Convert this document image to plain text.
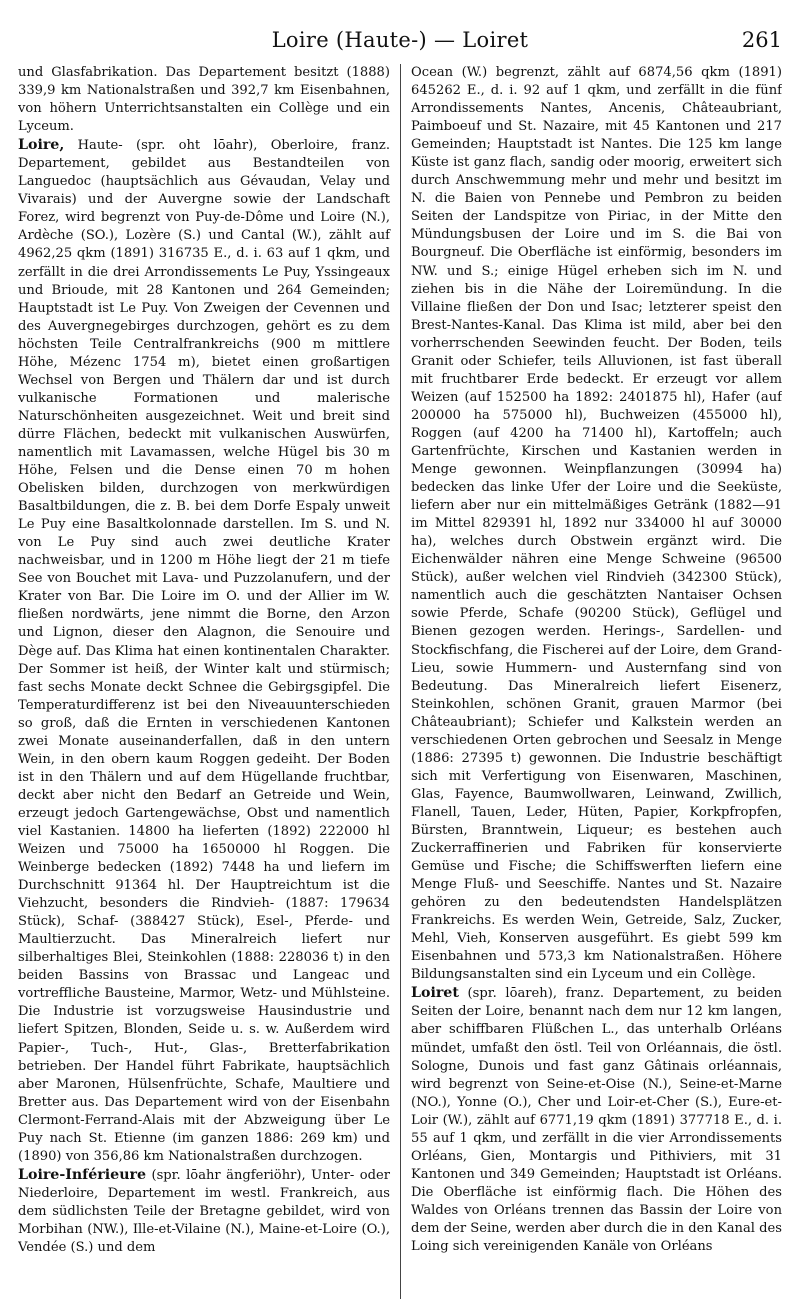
Loire (Haute-) — Loiret	261

und Glasfabrikation. Das Departement besitzt (1888) 339,9 km Nationalstraßen und 392,7 km Eisenbahnen, von höhern Unterrichtsanstalten ein Collège und ein Lyceum.

Loire, Haute- (spr. oht lōahr), Oberloire, franz. Departement, gebildet aus Bestandteilen von Languedoc (hauptsächlich aus Gévaudan, Velay und Vivarais) und der Auvergne sowie der Landschaft Forez, wird begrenzt von Puy-de-Dôme und Loire (N.), Ardèche (SO.), Lozère (S.) und Cantal (W.), zählt auf 4962,25 qkm (1891) 316735 E., d. i. 63 auf 1 qkm, und zerfällt in die drei Arrondissements Le Puy, Yssingeaux und Brioude, mit 28 Kantonen und 264 Gemeinden; Hauptstadt ist Le Puy. Von Zweigen der Cevennen und des Auvergnegebirges durchzogen, gehört es zu dem höchsten Teile Centralfrankreichs (900 m mittlere Höhe, Mézenc 1754 m), bietet einen großartigen Wechsel von Bergen und Thälern dar und ist durch vulkanische Formationen und malerische Naturschönheiten ausgezeichnet. Weit und breit sind dürre Flächen, bedeckt mit vulkanischen Auswürfen, namentlich mit Lavamassen, welche Hügel bis 30 m Höhe, Felsen und die Dense einen 70 m hohen Obelisken bilden, durchzogen von merkwürdigen Basaltbildungen, die z. B. bei dem Dorfe Espaly unweit Le Puy eine Basaltkolonnade darstellen. Im S. und N. von Le Puy sind auch zwei deutliche Krater nachweisbar, und in 1200 m Höhe liegt der 21 m tiefe See von Bouchet mit Lava- und Puzzolanufern, und der Krater von Bar. Die Loire im O. und der Allier im W. fließen nordwärts, jene nimmt die Borne, den Arzon und Lignon, dieser den Alagnon, die Senouire und Dège auf. Das Klima hat einen kontinentalen Charakter. Der Sommer ist heiß, der Winter kalt und stürmisch; fast sechs Monate deckt Schnee die Gebirgsgipfel. Die Temperaturdifferenz ist bei den Niveauunterschieden so groß, daß die Ernten in verschiedenen Kantonen zwei Monate auseinanderfallen, daß in den untern Wein, in den obern kaum Roggen gedeiht. Der Boden ist in den Thälern und auf dem Hügellande fruchtbar, deckt aber nicht den Bedarf an Getreide und Wein, erzeugt jedoch Gartengewächse, Obst und namentlich viel Kastanien. 14800 ha lieferten (1892) 222000 hl Weizen und 75000 ha 1650000 hl Roggen. Die Weinberge bedecken (1892) 7448 ha und liefern im Durchschnitt 91364 hl. Der Hauptreichtum ist die Viehzucht, besonders die Rindvieh- (1887: 179634 Stück), Schaf- (388427 Stück), Esel-, Pferde- und Maultierzucht. Das Mineralreich liefert nur silberhaltiges Blei, Steinkohlen (1888: 228036 t) in den beiden Bassins von Brassac und Langeac und vortreffliche Bausteine, Marmor, Wetz- und Mühlsteine. Die Industrie ist vorzugsweise Hausindustrie und liefert Spitzen, Blonden, Seide u. s. w. Außerdem wird Papier-, Tuch-, Hut-, Glas-, Bretterfabrikation betrieben. Der Handel führt Fabrikate, hauptsächlich aber Maronen, Hülsenfrüchte, Schafe, Maultiere und Bretter aus. Das Departement wird von der Eisenbahn Clermont-Ferrand-Alais mit der Abzweigung über Le Puy nach St. Etienne (im ganzen 1886: 269 km) und (1890) von 356,86 km Nationalstraßen durchzogen.

Loire-Inférieure (spr. lōahr ängferiöhr), Unter- oder Niederloire, Departement im westl. Frankreich, aus dem südlichsten Teile der Bretagne gebildet, wird von Morbihan (NW.), Ille-et-Vilaine (N.), Maine-et-Loire (O.), Vendée (S.) und dem

Ocean (W.) begrenzt, zählt auf 6874,56 qkm (1891) 645262 E., d. i. 92 auf 1 qkm, und zerfällt in die fünf Arrondissements Nantes, Ancenis, Châteaubriant, Paimboeuf und St. Nazaire, mit 45 Kantonen und 217 Gemeinden; Hauptstadt ist Nantes. Die 125 km lange Küste ist ganz flach, sandig oder moorig, erweitert sich durch Anschwemmung mehr und mehr und besitzt im N. die Baien von Pennebe und Pembron zu beiden Seiten der Landspitze von Piriac, in der Mitte den Mündungsbusen der Loire und im S. die Bai von Bourgneuf. Die Oberfläche ist einförmig, besonders im NW. und S.; einige Hügel erheben sich im N. und ziehen bis in die Nähe der Loiremündung. In die Villaine fließen der Don und Isac; letzterer speist den Brest-Nantes-Kanal. Das Klima ist mild, aber bei den vorherrschenden Seewinden feucht. Der Boden, teils Granit oder Schiefer, teils Alluvionen, ist fast überall mit fruchtbarer Erde bedeckt. Er erzeugt vor allem Weizen (auf 152500 ha 1892: 2401875 hl), Hafer (auf 200000 ha 575000 hl), Buchweizen (455000 hl), Roggen (auf 4200 ha 71400 hl), Kartoffeln; auch Gartenfrüchte, Kirschen und Kastanien werden in Menge gewonnen. Weinpflanzungen (30994 ha) bedecken das linke Ufer der Loire und die Seeküste, liefern aber nur ein mittelmäßiges Getränk (1882—91 im Mittel 829391 hl, 1892 nur 334000 hl auf 30000 ha), welches durch Obstwein ergänzt wird. Die Eichenwälder nähren eine Menge Schweine (96500 Stück), außer welchen viel Rindvieh (342300 Stück), namentlich auch die geschätzten Nantaiser Ochsen sowie Pferde, Schafe (90200 Stück), Geflügel und Bienen gezogen werden. Herings-, Sardellen- und Stockfischfang, die Fischerei auf der Loire, dem Grand-Lieu, sowie Hummern- und Austernfang sind von Bedeutung. Das Mineralreich liefert Eisenerz, Steinkohlen, schönen Granit, grauen Marmor (bei Châteaubriant); Schiefer und Kalkstein werden an verschiedenen Orten gebrochen und Seesalz in Menge (1886: 27395 t) gewonnen. Die Industrie beschäftigt sich mit Verfertigung von Eisenwaren, Maschinen, Glas, Fayence, Baumwollwaren, Leinwand, Zwillich, Flanell, Tauen, Leder, Hüten, Papier, Korkpfropfen, Bürsten, Branntwein, Liqueur; es bestehen auch Zuckerraffinerien und Fabriken für konservierte Gemüse und Fische; die Schiffswerften liefern eine Menge Fluß- und Seeschiffe. Nantes und St. Nazaire gehören zu den bedeutendsten Handelsplätzen Frankreichs. Es werden Wein, Getreide, Salz, Zucker, Mehl, Vieh, Konserven ausgeführt. Es giebt 599 km Eisenbahnen und 573,3 km Nationalstraßen. Höhere Bildungsanstalten sind ein Lyceum und ein Collège.

Loiret (spr. lōareh), franz. Departement, zu beiden Seiten der Loire, benannt nach dem nur 12 km langen, aber schiffbaren Flüßchen L., das unterhalb Orléans mündet, umfaßt den östl. Teil von Orléannais, die östl. Sologne, Dunois und fast ganz Gâtinais orléannais, wird begrenzt von Seine-et-Oise (N.), Seine-et-Marne (NO.), Yonne (O.), Cher und Loir-et-Cher (S.), Eure-et-Loir (W.), zählt auf 6771,19 qkm (1891) 377718 E., d. i. 55 auf 1 qkm, und zerfällt in die vier Arrondissements Orléans, Gien, Montargis und Pithiviers, mit 31 Kantonen und 349 Gemeinden; Hauptstadt ist Orléans. Die Oberfläche ist einförmig flach. Die Höhen des Waldes von Orléans trennen das Bassin der Loire von dem der Seine, werden aber durch die in den Kanal des Loing sich vereinigenden Kanäle von Orléans
